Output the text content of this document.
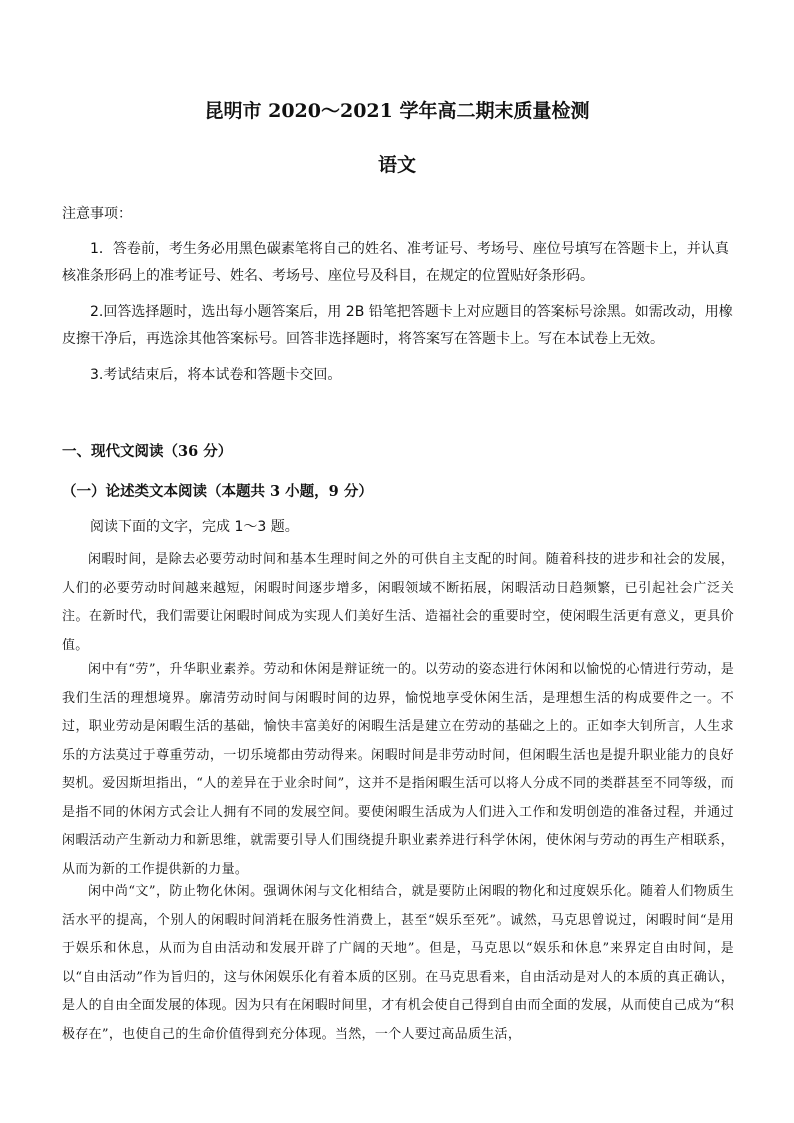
昆明市 2020～2021 学年高二期末质量检测
语文
注意事项：

1．答卷前，考生务必用黑色碳素笔将自己的姓名、准考证号、考场号、座位号填写在答题卡上，并认真核准条形码上的准考证号、姓名、考场号、座位号及科目，在规定的位置贴好条形码。

2.回答选择题时，选出每小题答案后，用 2B 铅笔把答题卡上对应题目的答案标号涂黑。如需改动，用橡皮擦干净后，再选涂其他答案标号。回答非选择题时，将答案写在答题卡上。写在本试卷上无效。

3.考试结束后，将本试卷和答题卡交回。

一、现代文阅读（36 分）
（一）论述类文本阅读（本题共 3 小题，9 分）
阅读下面的文字，完成 1～3 题。

闲暇时间，是除去必要劳动时间和基本生理时间之外的可供自主支配的时间。随着科技的进步和社会的发展，人们的必要劳动时间越来越短，闲暇时间逐步增多，闲暇领域不断拓展，闲暇活动日趋频繁，已引起社会广泛关注。在新时代，我们需要让闲暇时间成为实现人们美好生活、造福社会的重要时空，使闲暇生活更有意义，更具价值。

闲中有“劳”，升华职业素养。劳动和休闲是辩证统一的。以劳动的姿态进行休闲和以愉悦的心情进行劳动，是我们生活的理想境界。廓清劳动时间与闲暇时间的边界，愉悦地享受休闲生活，是理想生活的构成要件之一。不过，职业劳动是闲暇生活的基础，愉快丰富美好的闲暇生活是建立在劳动的基础之上的。正如李大钊所言，人生求乐的方法莫过于尊重劳动，一切乐境都由劳动得来。闲暇时间是非劳动时间，但闲暇生活也是提升职业能力的良好契机。爱因斯坦指出，“人的差异在于业余时间”，这并不是指闲暇生活可以将人分成不同的类群甚至不同等级，而是指不同的休闲方式会让人拥有不同的发展空间。要使闲暇生活成为人们进入工作和发明创造的准备过程，并通过闲暇活动产生新动力和新思维，就需要引导人们围绕提升职业素养进行科学休闲，使休闲与劳动的再生产相联系，从而为新的工作提供新的力量。

闲中尚“文”，防止物化休闲。强调休闲与文化相结合，就是要防止闲暇的物化和过度娱乐化。随着人们物质生活水平的提高，个别人的闲暇时间消耗在服务性消费上，甚至“娱乐至死”。诚然，马克思曾说过，闲暇时间“是用于娱乐和休息，从而为自由活动和发展开辟了广阔的天地”。但是，马克思以“娱乐和休息”来界定自由时间，是以“自由活动”作为旨归的，这与休闲娱乐化有着本质的区别。在马克思看来，自由活动是对人的本质的真正确认，是人的自由全面发展的体现。因为只有在闲暇时间里，才有机会使自己得到自由而全面的发展，从而使自己成为“积极存在”，也使自己的生命价值得到充分体现。当然，一个人要过高品质生活，
